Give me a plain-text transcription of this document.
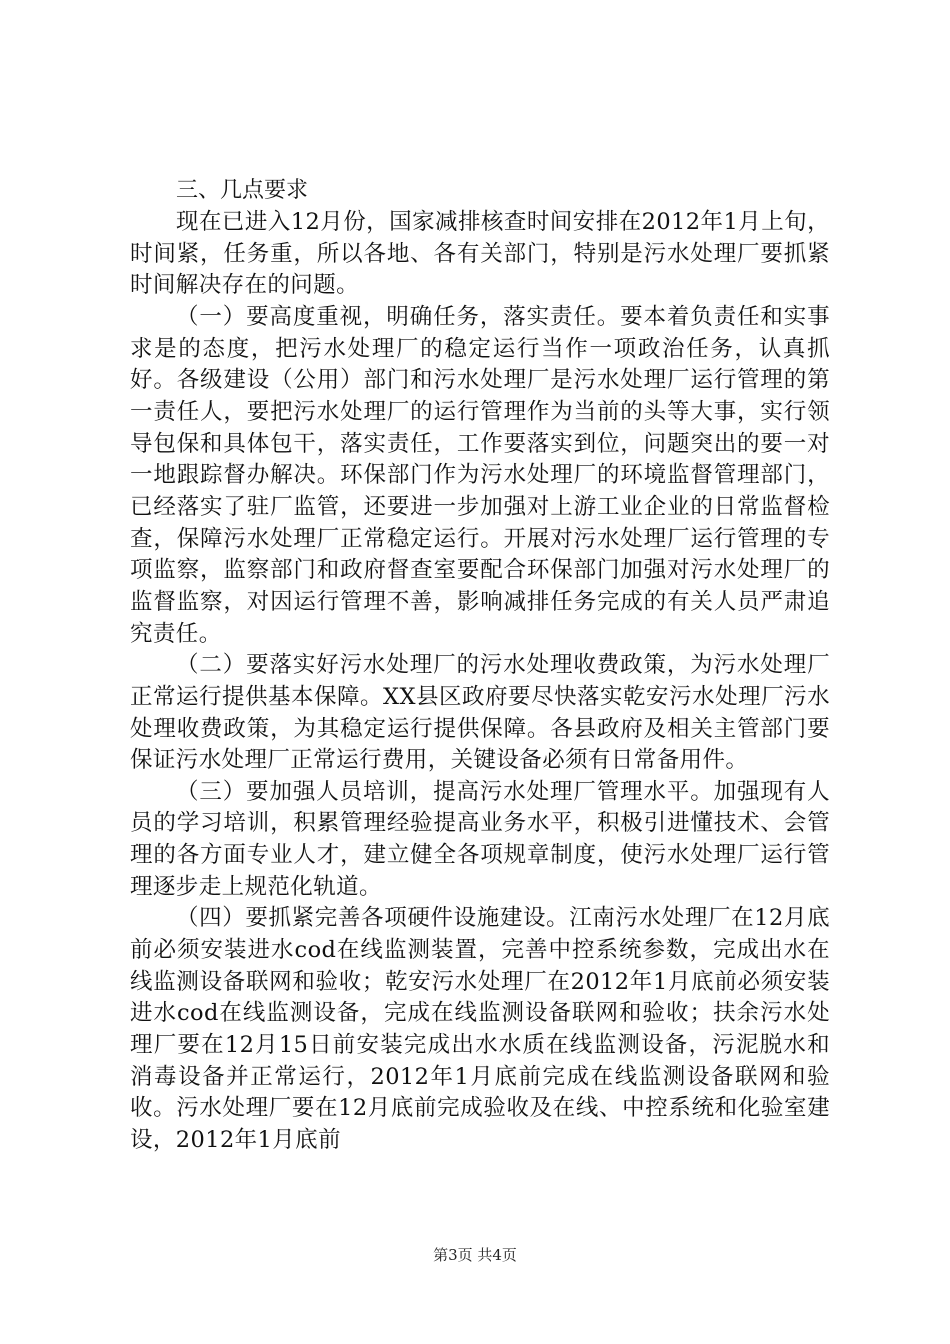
三、几点要求

现在已进入12月份，国家减排核查时间安排在2012年1月上旬，时间紧，任务重，所以各地、各有关部门，特别是污水处理厂要抓紧时间解决存在的问题。

（一）要高度重视，明确任务，落实责任。要本着负责任和实事求是的态度，把污水处理厂的稳定运行当作一项政治任务，认真抓好。各级建设（公用）部门和污水处理厂是污水处理厂运行管理的第一责任人，要把污水处理厂的运行管理作为当前的头等大事，实行领导包保和具体包干，落实责任，工作要落实到位，问题突出的要一对一地跟踪督办解决。环保部门作为污水处理厂的环境监督管理部门，已经落实了驻厂监管，还要进一步加强对上游工业企业的日常监督检查，保障污水处理厂正常稳定运行。开展对污水处理厂运行管理的专项监察，监察部门和政府督查室要配合环保部门加强对污水处理厂的监督监察，对因运行管理不善，影响减排任务完成的有关人员严肃追究责任。

（二）要落实好污水处理厂的污水处理收费政策，为污水处理厂正常运行提供基本保障。XX县区政府要尽快落实乾安污水处理厂污水处理收费政策，为其稳定运行提供保障。各县政府及相关主管部门要保证污水处理厂正常运行费用，关键设备必须有日常备用件。

（三）要加强人员培训，提高污水处理厂管理水平。加强现有人员的学习培训，积累管理经验提高业务水平，积极引进懂技术、会管理的各方面专业人才，建立健全各项规章制度，使污水处理厂运行管理逐步走上规范化轨道。

（四）要抓紧完善各项硬件设施建设。江南污水处理厂在12月底前必须安装进水cod在线监测装置，完善中控系统参数，完成出水在线监测设备联网和验收；乾安污水处理厂在2012年1月底前必须安装进水cod在线监测设备，完成在线监测设备联网和验收；扶余污水处理厂要在12月15日前安装完成出水水质在线监测设备，污泥脱水和消毒设备并正常运行，2012年1月底前完成在线监测设备联网和验收。污水处理厂要在12月底前完成验收及在线、中控系统和化验室建设，2012年1月底前

第3页 共4页
